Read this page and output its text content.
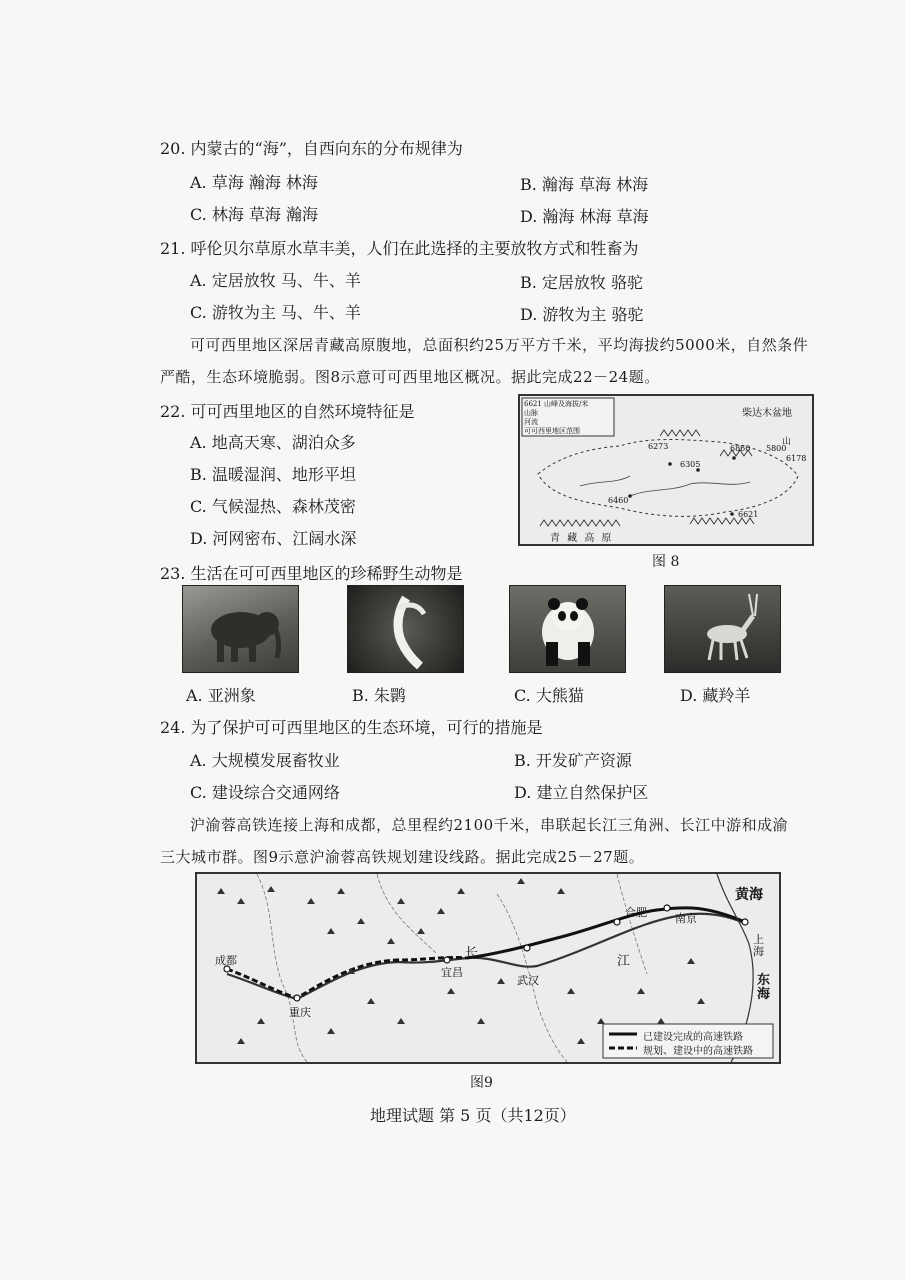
20. 内蒙古的“海”，自西向东的分布规律为
A. 草海 瀚海 林海	B. 瀚海 草海 林海
C. 林海 草海 瀚海	D. 瀚海 林海 草海
21. 呼伦贝尔草原水草丰美，人们在此选择的主要放牧方式和牲畜为
A. 定居放牧 马、牛、羊	B. 定居放牧 骆驼
C. 游牧为主 马、牛、羊	D. 游牧为主 骆驼
可可西里地区深居青藏高原腹地，总面积约25万平方千米，平均海拔约5000米，自然条件
严酷，生态环境脆弱。图8示意可可西里地区概况。据此完成22－24题。
22. 可可西里地区的自然环境特征是
A. 地高天寒、湖泊众多
B. 温暖湿润、地形平坦
C. 气候湿热、森林茂密
D. 河网密布、江阔水深
6621 山峰及海拔/米
山脉
河流
可可西里地区范围
柴达木盆地
山
6273
6305
6860 5800
6178
6460
6621
青 藏 高 原
图 8
23. 生活在可可西里地区的珍稀野生动物是
A. 亚洲象	B. 朱鹮	C. 大熊猫	D. 藏羚羊
24. 为了保护可可西里地区的生态环境，可行的措施是
A. 大规模发展畜牧业	B. 开发矿产资源
C. 建设综合交通网络	D. 建立自然保护区
沪渝蓉高铁连接上海和成都，总里程约2100千米，串联起长江三角洲、长江中游和成渝
三大城市群。图9示意沪渝蓉高铁规划建设线路。据此完成25－27题。
成都
重庆
宜昌
武汉
合肥	南京
上海
长
江
黄海
东海
已建设完成的高速铁路
规划、建设中的高速铁路
图9
地理试题 第 5 页（共12页）
